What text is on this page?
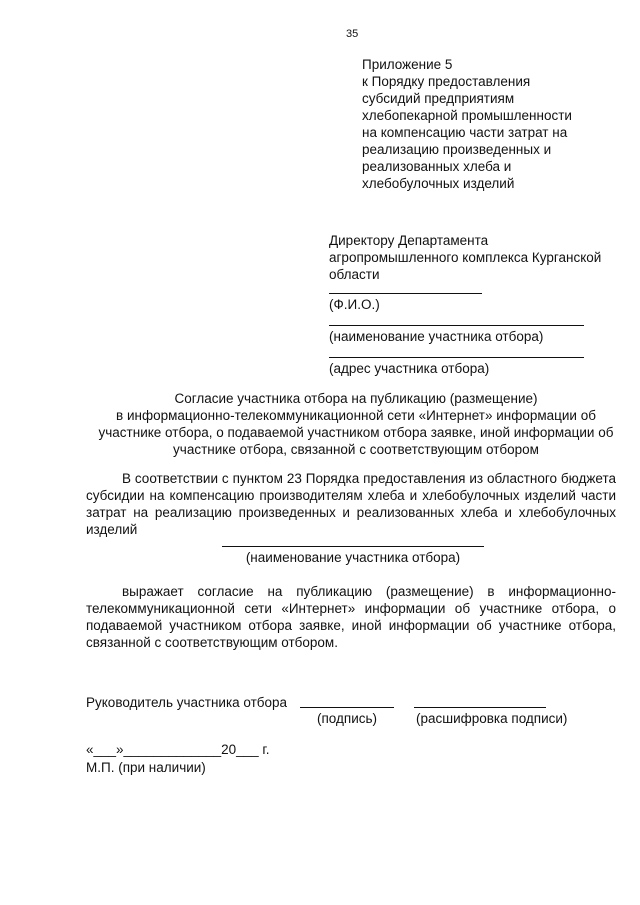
35
Приложение 5
к Порядку предоставления
субсидий предприятиям
хлебопекарной промышленности
на компенсацию части затрат на
реализацию произведенных и
реализованных хлеба и
хлебобулочных изделий
Директору Департамента
агропромышленного комплекса Курганской
области
(Ф.И.О.)
(наименование участника отбора)
(адрес участника отбора)
Согласие участника отбора на публикацию (размещение)
в информационно-телекоммуникационной сети «Интернет» информации об
участнике отбора, о подаваемой участником отбора заявке, иной информации об
участнике отбора, связанной с соответствующим отбором

В соответствии с пунктом 23 Порядка предоставления из областного бюджета субсидии на компенсацию производителям хлеба и хлебобулочных изделий части затрат на реализацию произведенных и реализованных хлеба и хлебобулочных изделий

(наименование участника отбора)

выражает согласие на публикацию (размещение) в информационно-телекоммуникационной сети «Интернет» информации об участнике отбора, о подаваемой участником отбора заявке, иной информации об участнике отбора, связанной с соответствующим отбором.

Руководитель участника отбора
(подпись)	(расшифровка подписи)
«___»_____________20___ г.
М.П. (при наличии)
